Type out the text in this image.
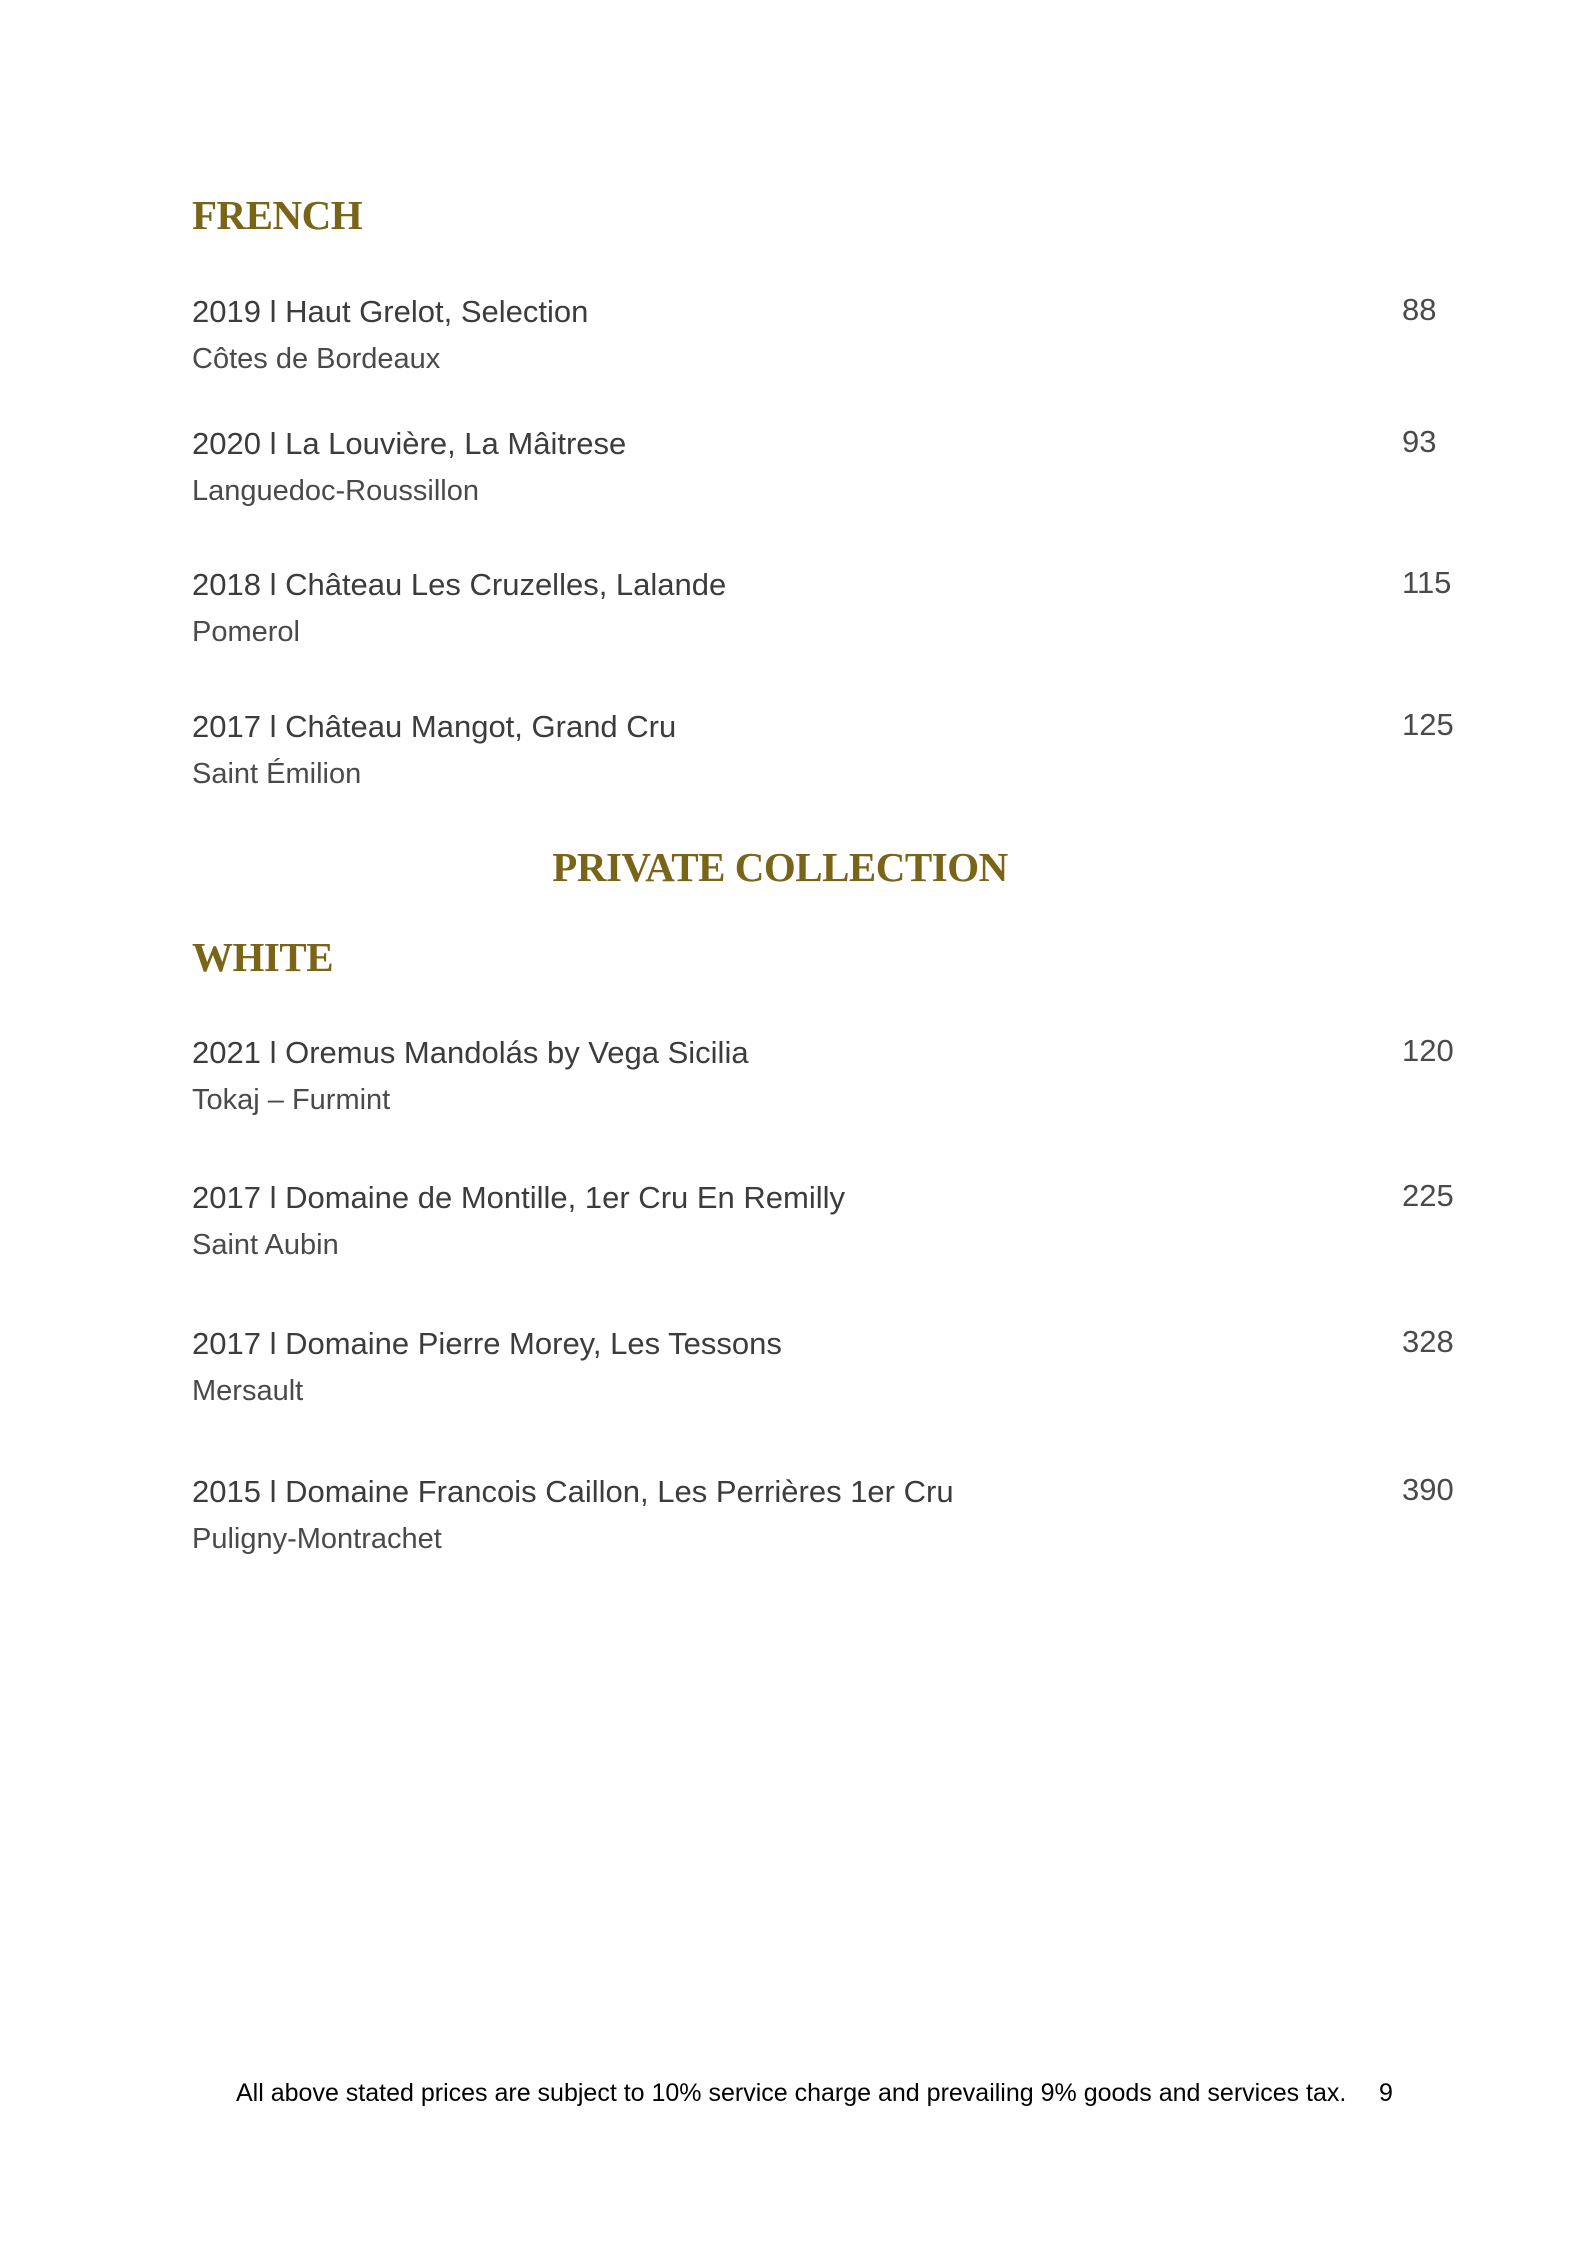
FRENCH
2019 l Haut Grelot, Selection
Côtes de Bordeaux
88
2020 l La Louvière, La Mâitrese
Languedoc-Roussillon
93
2018 l Château Les Cruzelles, Lalande
Pomerol
115
2017 l Château Mangot, Grand Cru
Saint Émilion
125
PRIVATE COLLECTION
WHITE
2021 l Oremus Mandolás by Vega Sicilia
Tokaj – Furmint
120
2017 l Domaine de Montille, 1er Cru En Remilly
Saint Aubin
225
2017 l Domaine Pierre Morey, Les Tessons
Mersault
328
2015 l Domaine Francois Caillon, Les Perrières 1er Cru
Puligny-Montrachet
390
All above stated prices are subject to 10% service charge and prevailing 9% goods and services tax. 9
